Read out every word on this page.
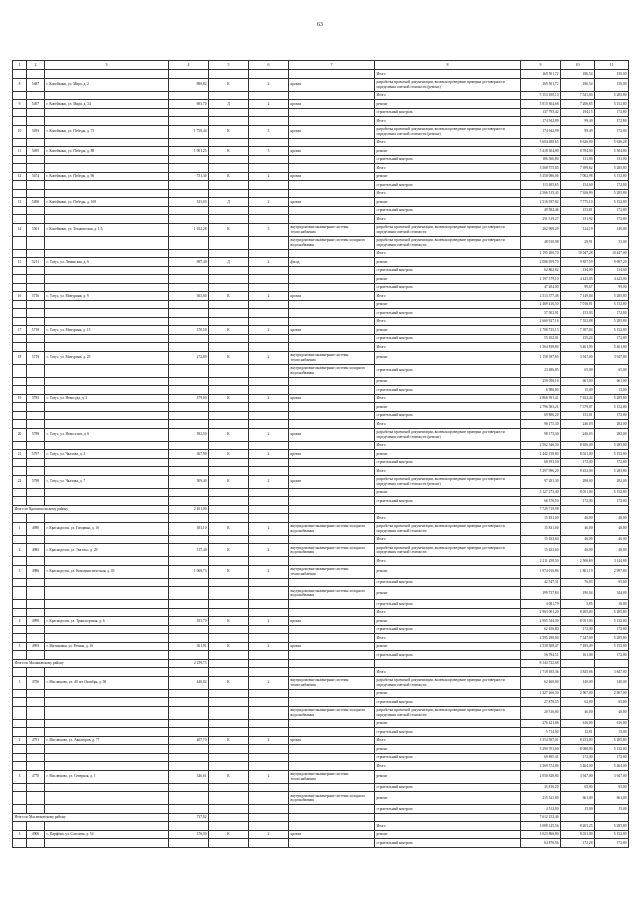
63
1	2	3	4	5	6	7	8	9	10	11
							Итого	169 501,72	186,54	150,00
8	5487	г. Копейкино, ул. Мира, д. 2	880,82	К	2	кровля	разработка проектной документации, включая проведение проверки достоверности определения сметной стоимости (ремонт)	169 501,72	186,54	150,00
							Итого	5 153 100,10	7 541,00	5 285,80
9	5497	г. Копейкино, ул. Мира, д. 34	695,70	Д	2	кровля	ремонт	5 015 304,68	7 206,65	5 152,80
							строительный контроль	137 795,42	194,15	172,80
							Итого	174 942,99	99,49	172,80
10	5493	г. Копейкино, ул. Победы, д. 73	1 758,44	К	5	кровля	разработка проектной документации, включая проведение проверки достоверности определения сметной стоимости (ремонт)	174 942,99	99,49	172,80
							Итого	5 604 280,65	8 626,00	5 636,28
11	5495	г. Копейкино, ул. Победы, д. 88	1 901,25	К	5	кровля	ремонт	5 418 304,80	8 704,00	5 504,80
							строительный контроль	186 566,80	131,00	131,00
							Итого	5 568 575,05	7 399,62	5 285,80
12	5474	г. Копейкино, ул. Победы, д. 96	751,30	К	2	кровля	ремонт	5 350 086,06	7 002,98	5 152,80
							строительный контроль	113 405,65	154,60	172,80
							Итого	2 566 515,43	7 926,99	5 285,80
13	5496	г. Копейкино, ул. Победы, д. 108	323,03	Д	2	кровля	ремонт	2 516 937,82	7 775,10	5 152,80
							строительный контроль	49 582,46	153,81	172,80
							Итого	251 319,27	151,92	172,80
14	5501	г. Копейкино, ул. Техническая, д. 1/5	1 652,28	К	5	внутридомовые инженерные системы теплоснабжения	разработка проектной документации, включая проведение проверки достоверности определения сметной стоимости	202 908,29	124,19	140,00
						внутридомовые инженерные системы холодного водоснабжения	разработка проектной документации, включая проведение проверки достоверности определения сметной стоимости	48 910,98	29,91	55,00
							Итого	2 195 200,70	10 047,28	10 447,00
15	5211	с. Татус, ул. Ленинская, д. 6	697,40	Д	2	фасад	ремонт	2 086 959,70	9 857,59	9 697,20
							строительный контроль	62 862,82	134,00	134,00
							ремонт	2 197 579,10	4 423,05	4 423,00
							строительный контроль	47 204,00	99,67	99,00
16	5716	с. Татус, ул. Мичурина, д. 9	363,60	К	2	кровля	Итого	2 513 577,48	7 149,04	5 285,80
							ремонт	2 469 416,50	7 016,01	5 152,80
							строительный контроль	57 502,91	153,03	172,80
							Итого	2 660 927,16	7 552,88	5 285,80
17	5718	с. Татус, ул. Мичурина, д. 15	370,50	К	2	кровля	ремонт	2 708 725,15	7 397,04	5 152,80
							строительный контроль	55 102,01	155,24	172,80
							Итого	1 564 838,80	5 461,00	5 461,00
18	5719	с. Татус, ул. Мичурина, д. 25	272,80	К	2	внутридомовые инженерные системы теплоснабжения	ремонт	1 158 397,65	3 947,00	3 947,00
						внутридомовые инженерные системы холодного водоснабжения	строительный контроль	23 486,85	65,00	65,00
							ремонт	259 058,16	661,00	661,00
							строительный контроль	6 986,00	15,00	15,00
19	5785	с. Татус, ул. Новосуда, д. 2	379,00	К	2	кровля	Итого	2 866 391,41	7 632,44	5 285,80
							ремонт	2 796 583,21	7 379,07	5 152,80
							строительный контроль	69 806,20	153,01	172,80
							Итого	98 175,30	246,03	282,00
20	5789	с. Татус, ул. Новоселов, д. 6	392,50	К	2	кровля	разработка проектной документации, включая проведение проверки достоверности определения сметной стоимости (ремонт)	98 175,30	246,03	282,00
							Итого	2 502 346,30	8 656,00	5 285,80
21	5797	с. Татус, ул. Чкалова, д. 2	367,90	К	2	кровля	ремонт	2 442 158,80	8 021,00	5 152,80
							строительный контроль	60 193,50	172,00	172,80
							Итого	5 297 996,20	8 452,00	5 285,80
22	5798	с. Татус, ул. Чкалова, д. 7	509,40	К	2	кровля	разработка проектной документации, включая проведение проверки достоверности определения сметной стоимости (ремонт)	97 281,30	280,00	282,00
							ремонт	5 127 273,40	8 051,00	5 152,80
							строительный контроль	66 576,50	172,00	172,80
Итого по Краснопольскому району			2 401,00					7 729 719,98		
							Итого	15 831,00	46,00	46,00
1	4980	г. Краснодолск, ул. Гагарина, д. 16	383,10	К	2	внутридомовые инженерные системы холодного водоснабжения	разработка проектной документации, включая проведение проверки достоверности определения сметной стоимости	15 831,00	46,00	46,00
							Итого	15 633,60	46,00	46,00
2	4983	г. Краснодолск, ул. Энгельс, д. 29	317,40	К	2	внутридомовые инженерные системы холодного водоснабжения	разработка проектной документации, включая проведение проверки достоверности определения сметной стоимости	15 633,60	46,00	46,00
							Итого	2 211 258,50	2 506,69	3 144,80
3	4986	г. Краснодолск, ул. Коммунистическая, д. 49	1 060,73	К	2	внутридомовые инженерные системы теплоснабжения	ремонт	1 974 016,86	1 861,19	2 997,80
							строительный контроль	42 547,31	76,83	65,00
						внутридомовые инженерные системы холодного водоснабжения	ремонт	199 737,84	190,04	344,00
							строительный контроль	4 081,79	3,85	16,00
							Итого	2 963 001,20	8 205,00	5 285,80
4	4990	г. Краснодолск, ул. Транспортная, д. 6	353,70	К	2	кровля	ремонт	2 905 544,30	8 051,00	5 152,80
							строительный контроль	62 456,80	172,00	172,80
							Итого	2 595 290,00	7 347,00	5 285,80
5	4993	г. Малиновка, ул. Речная, д. 16	361,91	К	2	кровля	ремонт	2 538 508,47	7 185,49	5 152,80
							строительный контроль	56 784,51	161,00	172,80
Итого по Малиновскому району			2 259,73					8 144 722,68		
							Итого	1 718 185,36	3 845,86	3 847,80
1	4756	г. Маслюково, ул. 40 лет Октября, д. 58	446,02	К	2	внутридомовые инженерные системы теплоснабжения	разработка проектной документации, включая проведение проверки достоверности определения сметной стоимости	62 460,00	140,00	140,00
							ремонт	1 327 266,30	2 967,00	2 967,00
							строительный контроль	27 878,35	62,00	65,00
						внутридомовые инженерные системы холодного водоснабжения	разработка проектной документации, включая проведение проверки достоверности определения сметной стоимости	20 516,00	46,00	46,00
							ремонт	276 421,86	616,00	616,00
							строительный контроль	5 714,00	12,81	15,00
2	4791	г. Маслюково, ул. Авиаторов, д. 77	407,70	К	2	кровля	Итого	3 354 597,01	8 253,00	5 285,80
							ремонт	3 290 701,60	8 080,00	5 152,80
							строительный контроль	69 895,41	172,00	172,80
							Итого	2 369 574,86	5 464,00	5 464,00
3	4770	г. Маслюково, ул. Северная, д. 1	346,61	К	2	внутридомовые инженерные системы теплоснабжения	ремонт	2 050 828,80	3 947,00	3 947,00
							строительный контроль	35 816,20	65,00	65,00
						внутридомовые инженерные системы холодного водоснабжения	ремонт	215 523,80	661,00	661,00
							строительный контроль	4 512,00	15,00	15,00
Итого по Маслюковскому району			737,02					7 612 152,46		
							Итого	3 088 145,56	8 203,25	5 285,80
3	4906	с. Парфёно, ул. Слесаева, д. 54	376,30	К	2	кровля	ремонт	3 023 866,90	8 031,00	5 152,80
							строительный контроль	64 876,56	172,28	172,80
